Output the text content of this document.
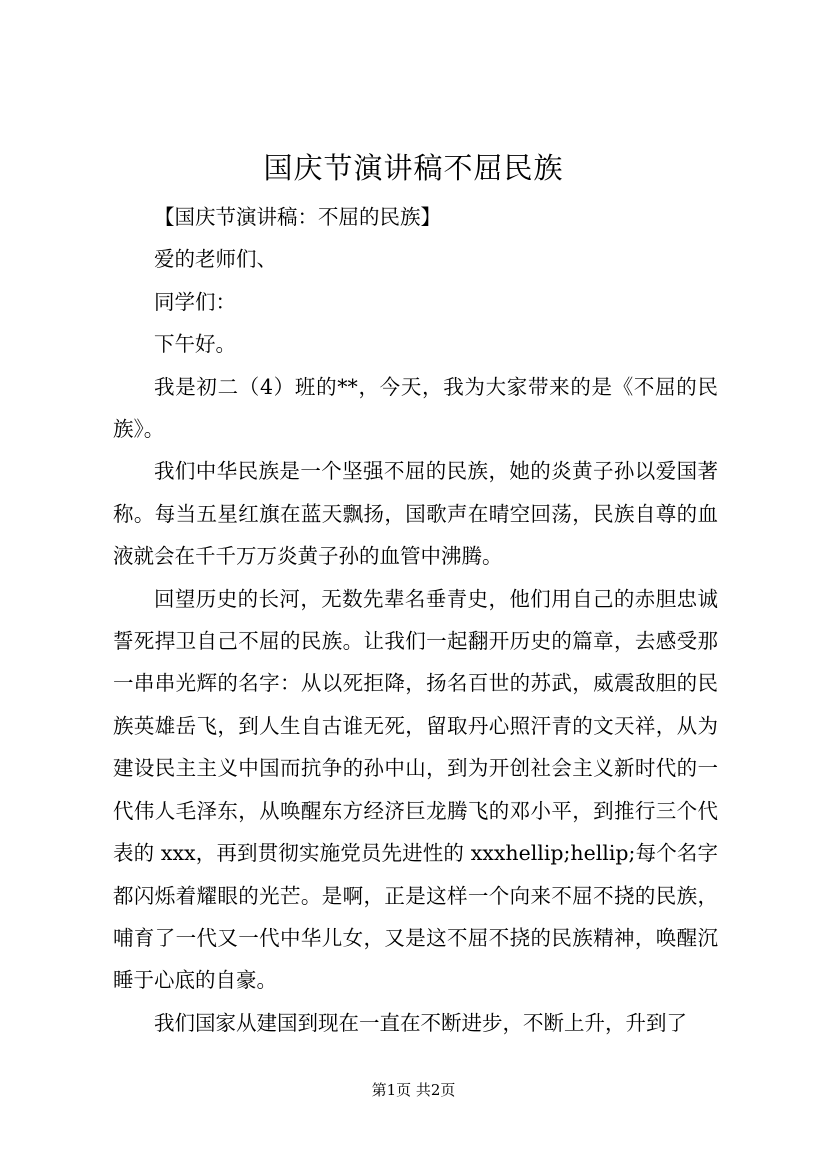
国庆节演讲稿不屈民族

【国庆节演讲稿：不屈的民族】

爱的老师们、

同学们：

下午好。

我是初二（4）班的**，今天，我为大家带来的是《不屈的民族》。

我们中华民族是一个坚强不屈的民族，她的炎黄子孙以爱国著称。每当五星红旗在蓝天飘扬，国歌声在晴空回荡，民族自尊的血液就会在千千万万炎黄子孙的血管中沸腾。

回望历史的长河，无数先辈名垂青史，他们用自己的赤胆忠诚誓死捍卫自己不屈的民族。让我们一起翻开历史的篇章，去感受那一串串光辉的名字：从以死拒降，扬名百世的苏武，威震敌胆的民族英雄岳飞，到人生自古谁无死，留取丹心照汗青的文天祥，从为建设民主主义中国而抗争的孙中山，到为开创社会主义新时代的一代伟人毛泽东，从唤醒东方经济巨龙腾飞的邓小平，到推行三个代表的 xxx，再到贯彻实施党员先进性的 xxxhellip;hellip;每个名字都闪烁着耀眼的光芒。是啊，正是这样一个向来不屈不挠的民族，哺育了一代又一代中华儿女，又是这不屈不挠的民族精神，唤醒沉睡于心底的自豪。

我们国家从建国到现在一直在不断进步，不断上升，升到了

第1页 共2页
